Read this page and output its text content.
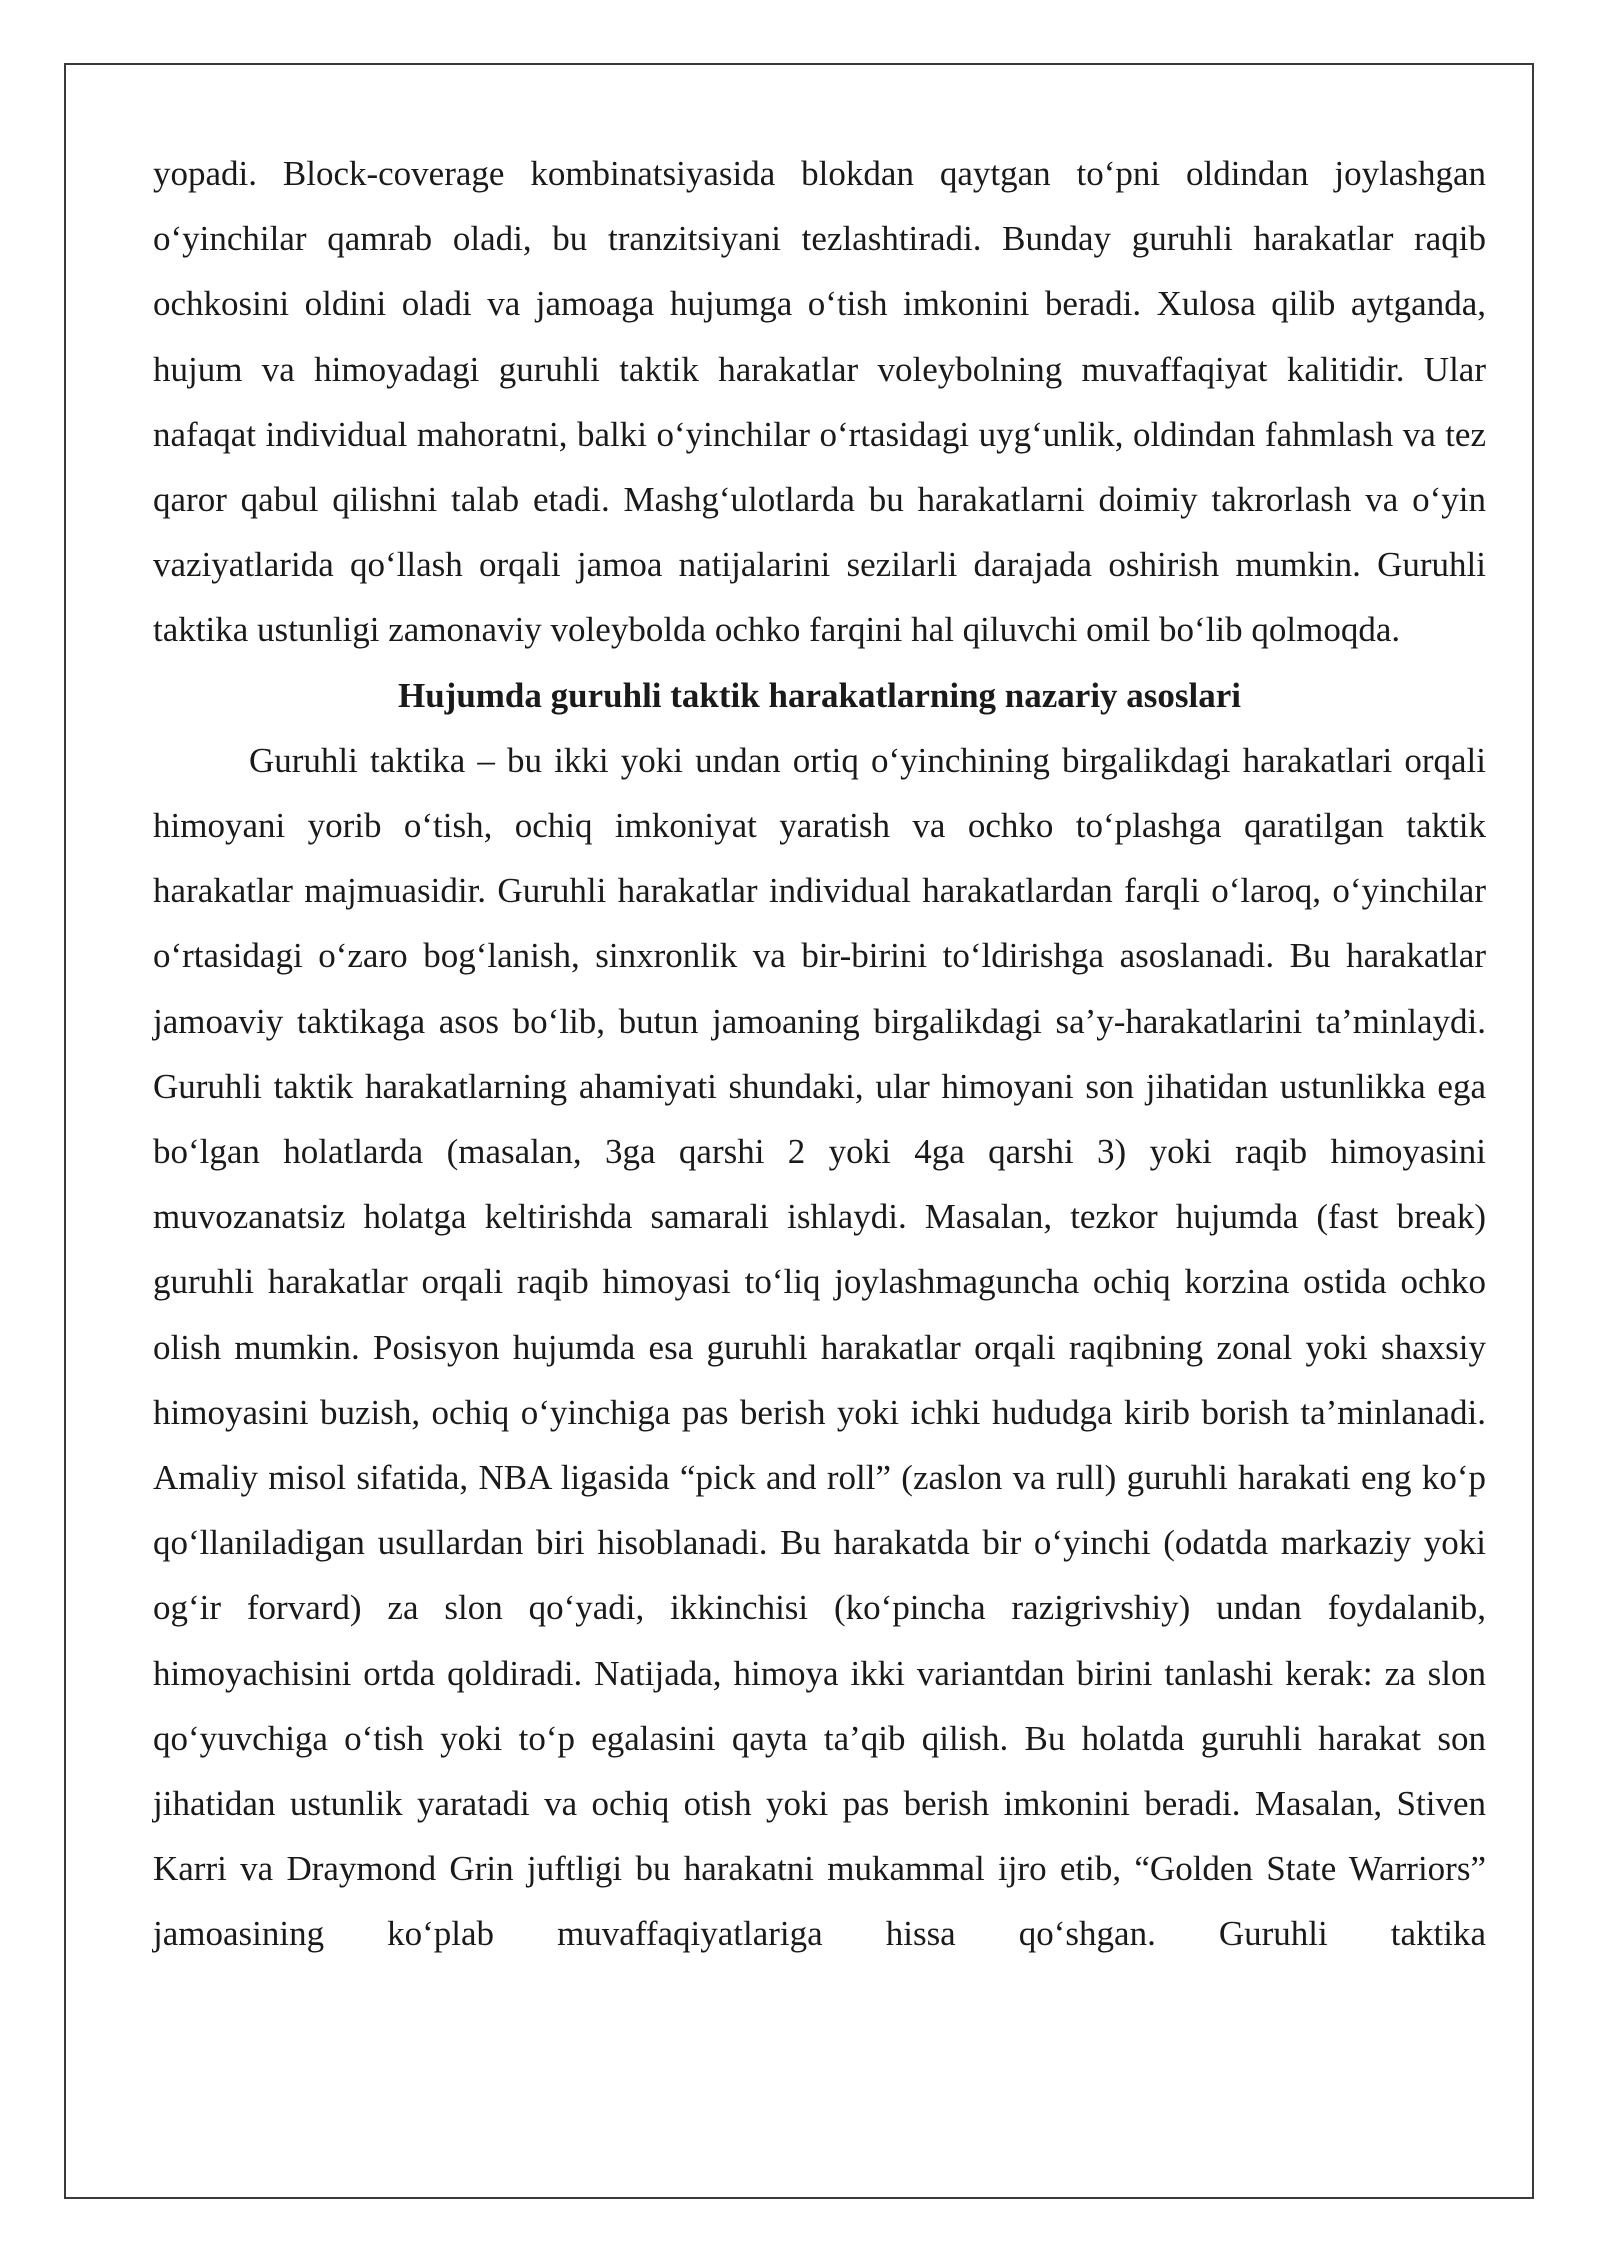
yopadi. Block-coverage kombinatsiyasida blokdan qaytgan to‘pni oldindan joylashgan o‘yinchilar qamrab oladi, bu tranzitsiyani tezlashtiradi. Bunday guruhli harakatlar raqib ochkosini oldini oladi va jamoaga hujumga o‘tish imkonini beradi. Xulosa qilib aytganda, hujum va himoyadagi guruhli taktik harakatlar voleybolning muvaffaqiyat kalitidir. Ular nafaqat individual mahoratni, balki o‘yinchilar o‘rtasidagi uyg‘unlik, oldindan fahmlash va tez qaror qabul qilishni talab etadi. Mashg‘ulotlarda bu harakatlarni doimiy takrorlash va o‘yin vaziyatlarida qo‘llash orqali jamoa natijalarini sezilarli darajada oshirish mumkin. Guruhli taktika ustunligi zamonaviy voleybolda ochko farqini hal qiluvchi omil bo‘lib qolmoqda.

Hujumda guruhli taktik harakatlarning nazariy asoslari

Guruhli taktika – bu ikki yoki undan ortiq o‘yinchining birgalikdagi harakatlari orqali himoyani yorib o‘tish, ochiq imkoniyat yaratish va ochko to‘plashga qaratilgan taktik harakatlar majmuasidir. Guruhli harakatlar individual harakatlardan farqli o‘laroq, o‘yinchilar o‘rtasidagi o‘zaro bog‘lanish, sinxronlik va bir-birini to‘ldirishga asoslanadi. Bu harakatlar jamoaviy taktikaga asos bo‘lib, butun jamoaning birgalikdagi sa’y-harakatlarini ta’minlaydi. Guruhli taktik harakatlarning ahamiyati shundaki, ular himoyani son jihatidan ustunlikka ega bo‘lgan holatlarda (masalan, 3ga qarshi 2 yoki 4ga qarshi 3) yoki raqib himoyasini muvozanatsiz holatga keltirishda samarali ishlaydi. Masalan, tezkor hujumda (fast break) guruhli harakatlar orqali raqib himoyasi to‘liq joylashmaguncha ochiq korzina ostida ochko olish mumkin. Posisyon hujumda esa guruhli harakatlar orqali raqibning zonal yoki shaxsiy himoyasini buzish, ochiq o‘yinchiga pas berish yoki ichki hududga kirib borish ta’minlanadi. Amaliy misol sifatida, NBA ligasida “pick and roll” (zaslon va rull) guruhli harakati eng ko‘p qo‘llaniladigan usullardan biri hisoblanadi. Bu harakatda bir o‘yinchi (odatda markaziy yoki og‘ir forvard) za slon qo‘yadi, ikkinchisi (ko‘pincha razigrivshiy) undan foydalanib, himoyachisini ortda qoldiradi. Natijada, himoya ikki variantdan birini tanlashi kerak: za slon qo‘yuvchiga o‘tish yoki to‘p egalasini qayta ta’qib qilish. Bu holatda guruhli harakat son jihatidan ustunlik yaratadi va ochiq otish yoki pas berish imkonini beradi. Masalan, Stiven Karri va Draymond Grin juftligi bu harakatni mukammal ijro etib, “Golden State Warriors” jamoasining ko‘plab muvaffaqiyatlariga hissa qo‘shgan. Guruhli taktika
